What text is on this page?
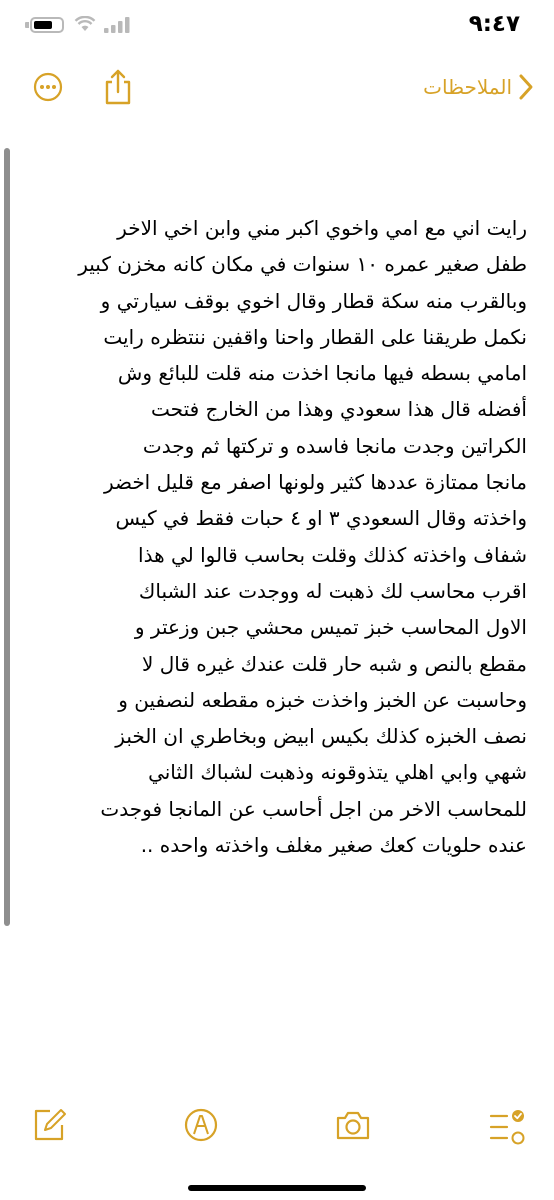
٩:٤٧
الملاحظات
رايت اني مع امي واخوي اكبر مني وابن اخي الاخر
طفل صغير عمره ١٠ سنوات في مكان كانه مخزن كبير
وبالقرب منه سكة قطار وقال اخوي بوقف سيارتي و
نكمل طريقنا على القطار واحنا واقفين ننتظره رايت
امامي بسطه فيها مانجا اخذت منه قلت للبائع وش
أفضله قال هذا سعودي وهذا من الخارج فتحت
الكراتين وجدت مانجا فاسده و تركتها ثم وجدت
مانجا ممتازة عددها كثير ولونها اصفر مع قليل اخضر
واخذته وقال السعودي ٣ او ٤ حبات فقط في كيس
شفاف واخذته كذلك وقلت بحاسب قالوا لي هذا
اقرب محاسب لك ذهبت له ووجدت عند الشباك
الاول المحاسب خبز تميس محشي جبن وزعتر و
مقطع بالنص و شبه حار قلت عندك غيره قال لا
وحاسبت عن الخبز واخذت خبزه مقطعه لنصفين و
نصف الخبزه كذلك بكيس ابيض وبخاطري ان الخبز
شهي وابي اهلي يتذوقونه وذهبت لشباك الثاني
للمحاسب الاخر من اجل أحاسب عن المانجا فوجدت
عنده حلويات كعك صغير مغلف واخذته واحده ..
